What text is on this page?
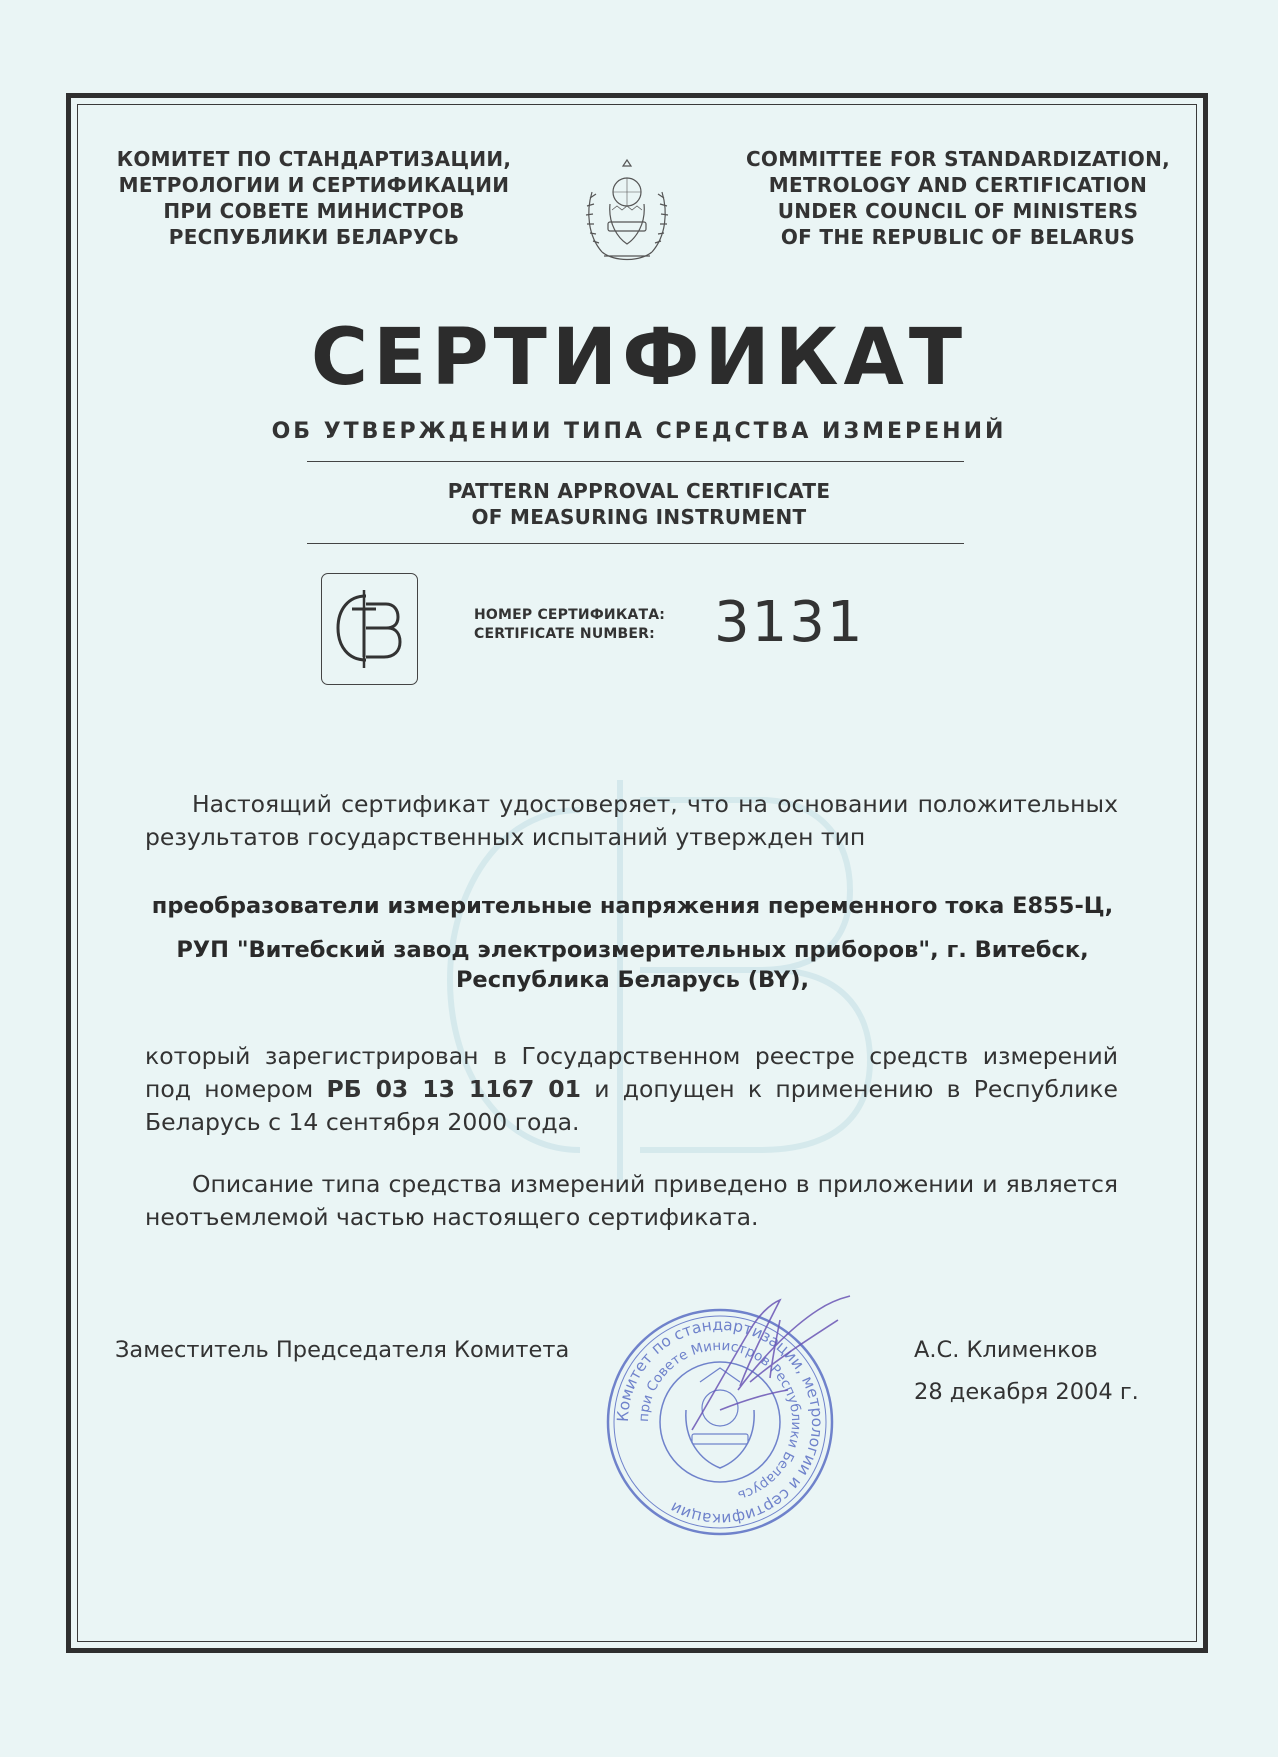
КОМИТЕТ ПО СТАНДАРТИЗАЦИИ,
МЕТРОЛОГИИ И СЕРТИФИКАЦИИ
ПРИ СОВЕТЕ МИНИСТРОВ
РЕСПУБЛИКИ БЕЛАРУСЬ
COMMITTEE FOR STANDARDIZATION,
METROLOGY AND CERTIFICATION
UNDER COUNCIL OF MINISTERS
OF THE REPUBLIC OF BELARUS
СЕРТИФИКАТ
ОБ УТВЕРЖДЕНИИ ТИПА СРЕДСТВА ИЗМЕРЕНИЙ
PATTERN APPROVAL CERTIFICATE
OF MEASURING INSTRUMENT
НОМЕР СЕРТИФИКАТА:
CERTIFICATE NUMBER: 3131
Настоящий сертификат удостоверяет, что на основании положительных результатов государственных испытаний утвержден тип
преобразователи измерительные напряжения переменного тока Е855-Ц,
РУП "Витебский завод электроизмерительных приборов", г. Витебск,
Республика Беларусь (BY),
который зарегистрирован в Государственном реестре средств измерений под номером РБ 03 13 1167 01 и допущен к применению в Республике Беларусь с 14 сентября 2000 года.
Описание типа средства измерений приведено в приложении и является неотъемлемой частью настоящего сертификата.
Заместитель Председателя Комитета	А.С. Клименков
28 декабря 2004 г.
Комитет по стандартизации, метрологии и сертификации
при Совете Министров Республики Беларусь
